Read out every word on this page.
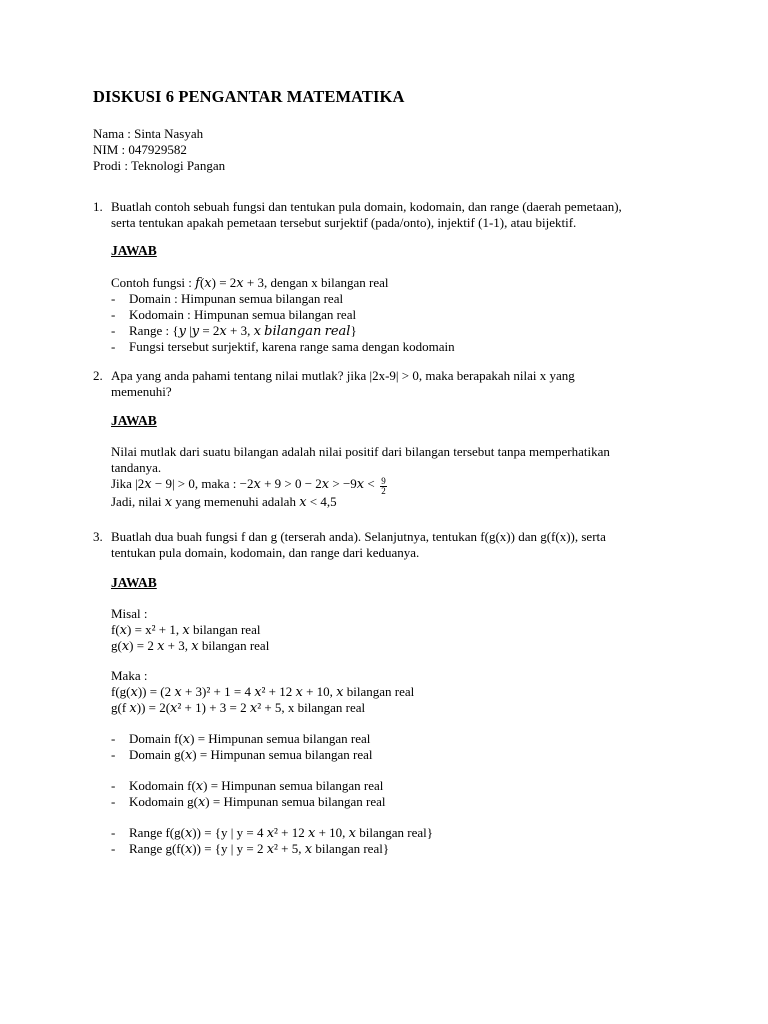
DISKUSI 6 PENGANTAR MATEMATIKA
Nama : Sinta Nasyah
NIM : 047929582
Prodi : Teknologi Pangan
1. Buatlah contoh sebuah fungsi dan tentukan pula domain, kodomain, dan range (daerah pemetaan),
serta tentukan apakah pemetaan tersebut surjektif (pada/onto), injektif (1-1), atau bijektif.
JAWAB
Contoh fungsi : 𝑓(𝑥) = 2𝑥 + 3, dengan x bilangan real
- Domain : Himpunan semua bilangan real
- Kodomain : Himpunan semua bilangan real
- Range : {𝑦 |𝑦 = 2𝑥 + 3, 𝑥 𝑏𝑖𝑙𝑎𝑛𝑔𝑎𝑛 𝑟𝑒𝑎𝑙}
- Fungsi tersebut surjektif, karena range sama dengan kodomain
2. Apa yang anda pahami tentang nilai mutlak? jika |2x-9| > 0, maka berapakah nilai x yang
memenuhi?
JAWAB
Nilai mutlak dari suatu bilangan adalah nilai positif dari bilangan tersebut tanpa memperhatikan
tandanya.
Jika |2𝑥 − 9| > 0, maka : −2𝑥 + 9 > 0 − 2𝑥 > −9𝑥 < $\frac{9}{2}$
Jadi, nilai 𝑥 yang memenuhi adalah 𝑥 < 4,5
3. Buatlah dua buah fungsi f dan g (terserah anda). Selanjutnya, tentukan f(g(x)) dan g(f(x)), serta
tentukan pula domain, kodomain, dan range dari keduanya.
JAWAB
Misal :
f(𝑥) = x² + 1, 𝑥 bilangan real
g(𝑥) = 2 𝑥 + 3, 𝑥 bilangan real
Maka :
f(g(𝑥)) = (2 𝑥 + 3)² + 1 = 4 𝑥² + 12 𝑥 + 10, 𝑥 bilangan real
g(f 𝑥)) = 2(𝑥² + 1) + 3 = 2 𝑥² + 5, x bilangan real
- Domain f(𝑥) = Himpunan semua bilangan real
- Domain g(𝑥) = Himpunan semua bilangan real
- Kodomain f(𝑥) = Himpunan semua bilangan real
- Kodomain g(𝑥) = Himpunan semua bilangan real
- Range f(g(𝑥)) = {y | y = 4 𝑥² + 12 𝑥 + 10, 𝑥 bilangan real}
- Range g(f(𝑥)) = {y | y = 2 𝑥² + 5, 𝑥 bilangan real}
